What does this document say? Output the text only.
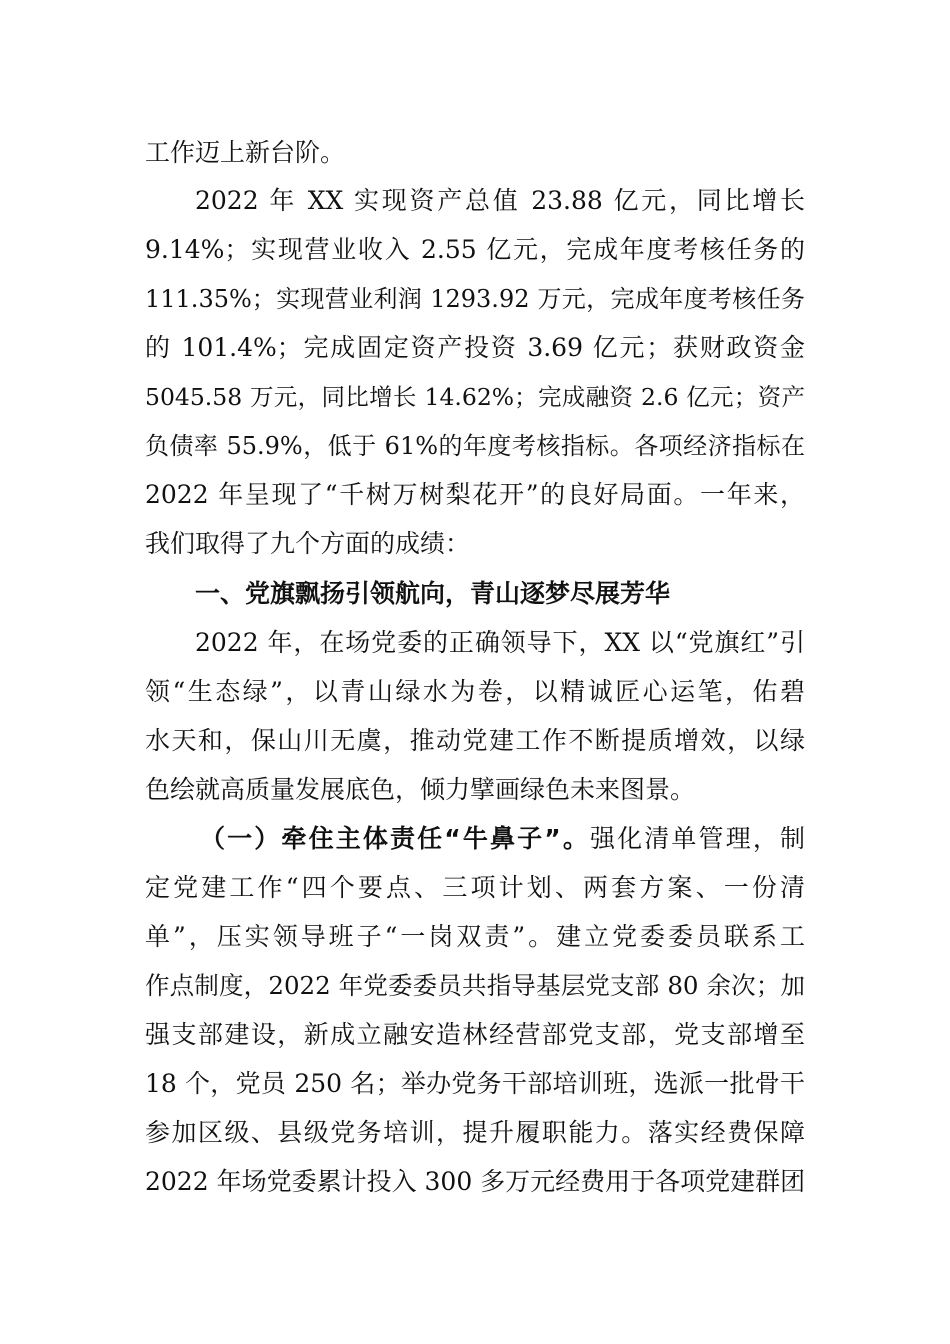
工作迈上新台阶。
2022 年 XX 实现资产总值 23.88 亿元，同比增长
9.14%；实现营业收入 2.55 亿元，完成年度考核任务的
111.35%；实现营业利润 1293.92 万元，完成年度考核任务
的 101.4%；完成固定资产投资 3.69 亿元；获财政资金
5045.58 万元，同比增长 14.62%；完成融资 2.6 亿元；资产
负债率 55.9%，低于 61%的年度考核指标。各项经济指标在
2022 年呈现了“千树万树梨花开”的良好局面。一年来，
我们取得了九个方面的成绩：
一、党旗飘扬引领航向，青山逐梦尽展芳华
2022 年，在场党委的正确领导下，XX 以“党旗红”引
领“生态绿”，以青山绿水为卷，以精诚匠心运笔，佑碧
水天和，保山川无虞，推动党建工作不断提质增效，以绿
色绘就高质量发展底色，倾力擘画绿色未来图景。
（一）牵住主体责任“牛鼻子”。强化清单管理，制
定党建工作“四个要点、三项计划、两套方案、一份清
单”，压实领导班子“一岗双责”。建立党委委员联系工
作点制度，2022 年党委委员共指导基层党支部 80 余次；加
强支部建设，新成立融安造林经营部党支部，党支部增至
18 个，党员 250 名；举办党务干部培训班，选派一批骨干
参加区级、县级党务培训，提升履职能力。落实经费保障
2022 年场党委累计投入 300 多万元经费用于各项党建群团
